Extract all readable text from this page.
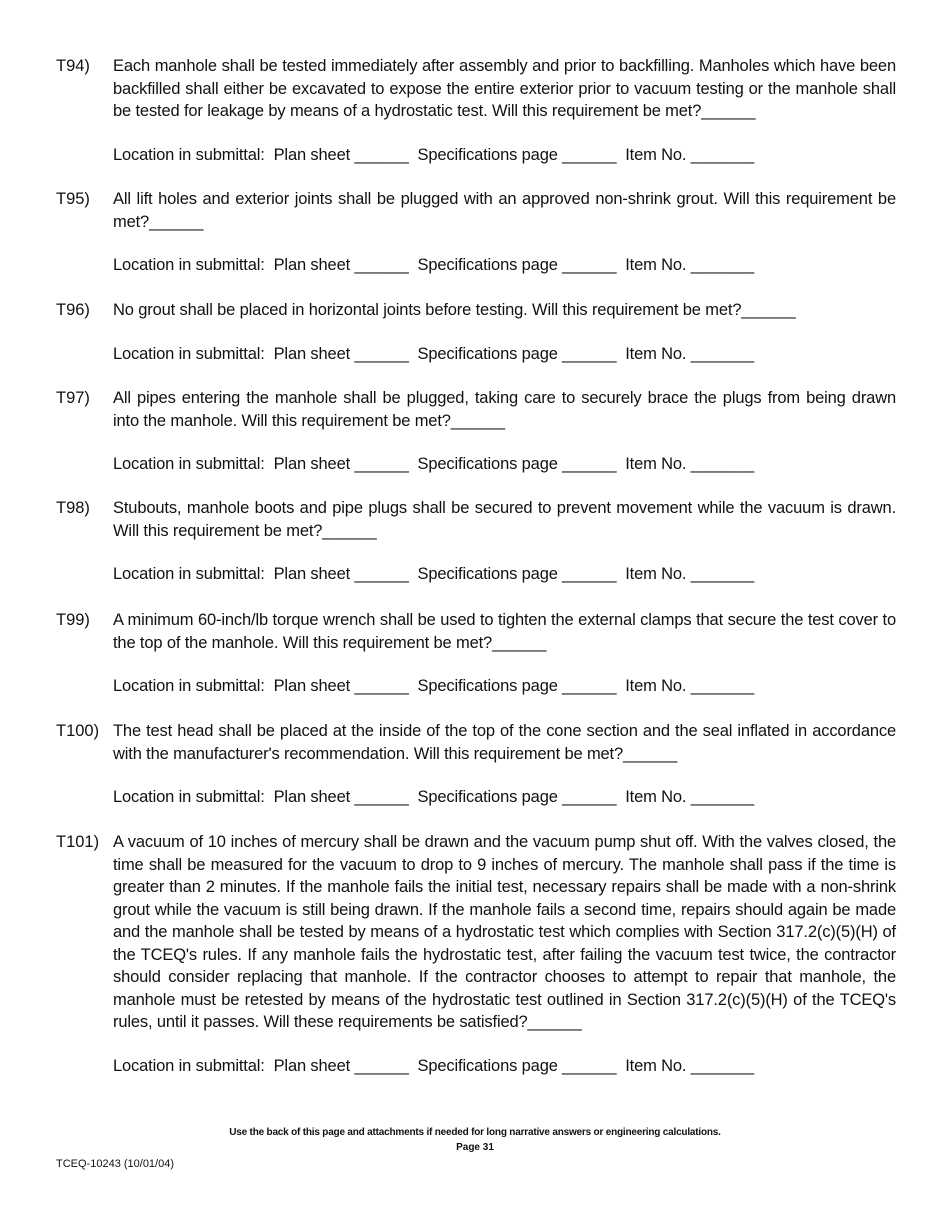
T94) Each manhole shall be tested immediately after assembly and prior to backfilling. Manholes which have been backfilled shall either be excavated to expose the entire exterior prior to vacuum testing or the manhole shall be tested for leakage by means of a hydrostatic test. Will this requirement be met?______
Location in submittal:  Plan sheet ______  Specifications page ______  Item No. _______
T95) All lift holes and exterior joints shall be plugged with an approved non-shrink grout. Will this requirement be met?______
Location in submittal:  Plan sheet ______  Specifications page ______  Item No. _______
T96) No grout shall be placed in horizontal joints before testing. Will this requirement be met?______
Location in submittal:  Plan sheet ______  Specifications page ______  Item No. _______
T97) All pipes entering the manhole shall be plugged, taking care to securely brace the plugs from being drawn into the manhole. Will this requirement be met?______
Location in submittal:  Plan sheet ______  Specifications page ______  Item No. _______
T98) Stubouts, manhole boots and pipe plugs shall be secured to prevent movement while the vacuum is drawn. Will this requirement be met?______
Location in submittal:  Plan sheet ______  Specifications page ______  Item No. _______
T99) A minimum 60-inch/lb torque wrench shall be used to tighten the external clamps that secure the test cover to the top of the manhole. Will this requirement be met?______
Location in submittal:  Plan sheet ______  Specifications page ______  Item No. _______
T100) The test head shall be placed at the inside of the top of the cone section and the seal inflated in accordance with the manufacturer's recommendation. Will this requirement be met?______
Location in submittal:  Plan sheet ______  Specifications page ______  Item No. _______
T101) A vacuum of 10 inches of mercury shall be drawn and the vacuum pump shut off. With the valves closed, the time shall be measured for the vacuum to drop to 9 inches of mercury. The manhole shall pass if the time is greater than 2 minutes. If the manhole fails the initial test, necessary repairs shall be made with a non-shrink grout while the vacuum is still being drawn. If the manhole fails a second time, repairs should again be made and the manhole shall be tested by means of a hydrostatic test which complies with Section 317.2(c)(5)(H) of the TCEQ's rules. If any manhole fails the hydrostatic test, after failing the vacuum test twice, the contractor should consider replacing that manhole. If the contractor chooses to attempt to repair that manhole, the manhole must be retested by means of the hydrostatic test outlined in Section 317.2(c)(5)(H) of the TCEQ's rules, until it passes. Will these requirements be satisfied?______
Location in submittal:  Plan sheet ______  Specifications page ______  Item No. _______
Use the back of this page and attachments if needed for long narrative answers or engineering calculations.
Page 31
TCEQ-10243 (10/01/04)
